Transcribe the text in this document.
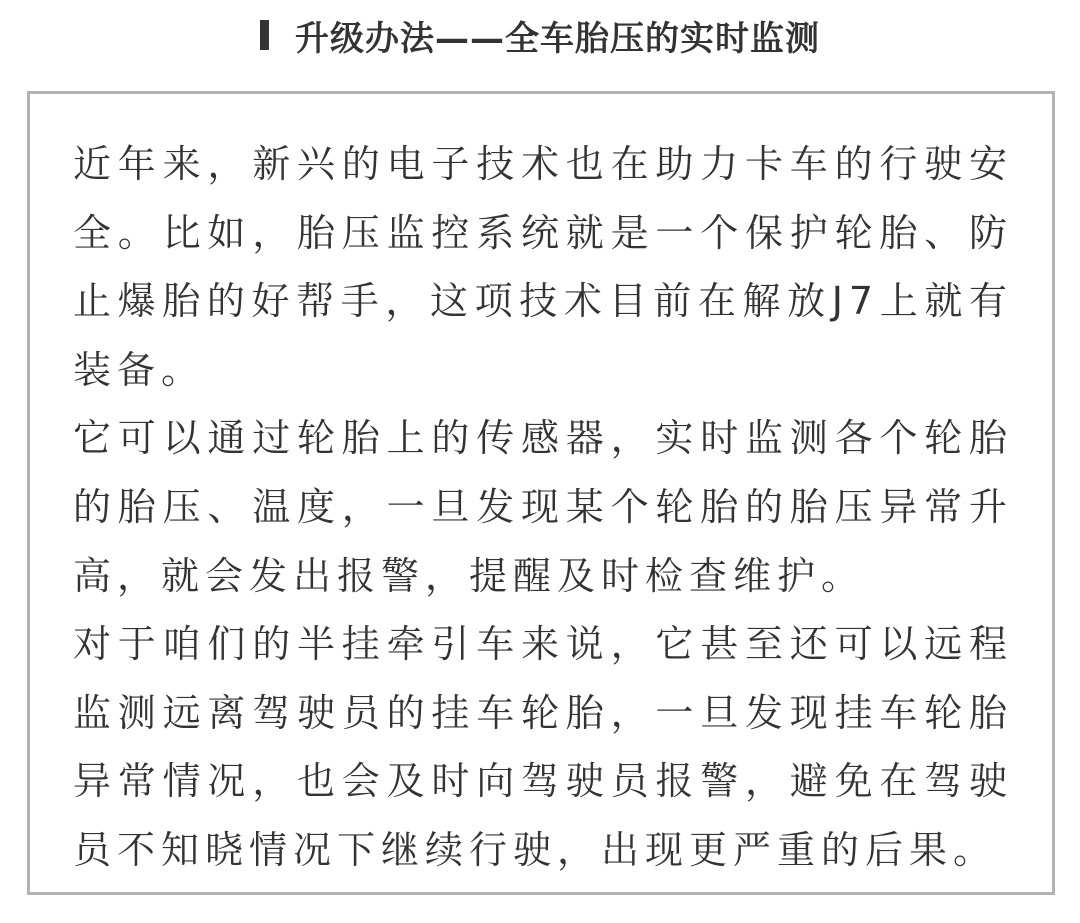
升级办法——全车胎压的实时监测

近年来，新兴的电子技术也在助力卡车的行驶安全。比如，胎压监控系统就是一个保护轮胎、防止爆胎的好帮手，这项技术目前在解放J7上就有装备。

它可以通过轮胎上的传感器，实时监测各个轮胎的胎压、温度，一旦发现某个轮胎的胎压异常升高，就会发出报警，提醒及时检查维护。

对于咱们的半挂牵引车来说，它甚至还可以远程监测远离驾驶员的挂车轮胎，一旦发现挂车轮胎异常情况，也会及时向驾驶员报警，避免在驾驶员不知晓情况下继续行驶，出现更严重的后果。
